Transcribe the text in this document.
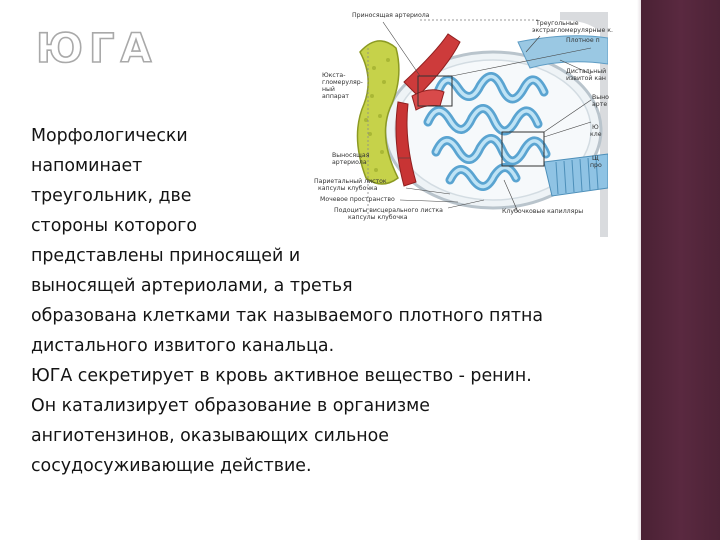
ЮГА
Приносящая артериола
Треугольные
экстрагломерулярные к.
Плотное п
Юкста-
гломеруляр-
ный
аппарат
Дистальный
извитой кан
Выно
арте
Ю
кле
Щ
про
Выносящая
артериола
Париетальный листок
капсулы клубочка
Мочевое пространство
Подоциты висцерального листка
капсулы клубочка
Клубочковые капилляры
Морфологически
напоминает
треугольник, две
стороны которого
представлены приносящей и
выносящей артериолами, а третья
образована клетками так называемого плотного пятна
дистального извитого канальца.
ЮГА секретирует в кровь активное вещество - ренин.
Он катализирует образование в организме
ангиотензинов, оказывающих сильное
сосудосуживающие действие.
